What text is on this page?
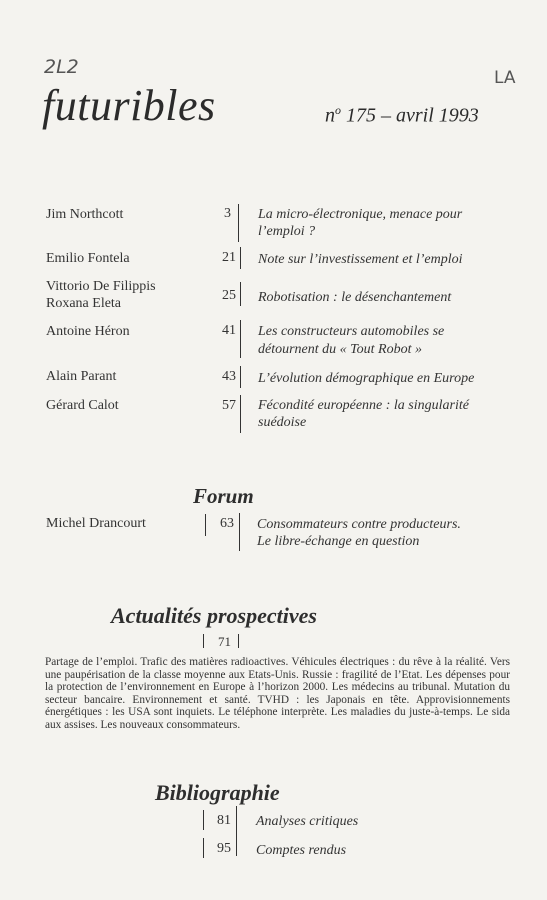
2L2	LA
futuribles	$n^o$ 175 – avril 1993
Jim Northcott	3 La micro-électronique, menace pour
l’emploi ?
Emilio Fontela	21 Note sur l’investissement et l’emploi
Vittorio De Filippis
Roxana Eleta
25 Robotisation : le désenchantement
Antoine Héron	41 Les constructeurs automobiles se
détournent du « Tout Robot »
Alain Parant	43 L’évolution démographique en Europe
Gérard Calot	57 Fécondité européenne : la singularité
suédoise
Forum
Michel Drancourt	63 Consommateurs contre producteurs.
Le libre-échange en question
Actualités prospectives
71
Partage de l’emploi. Trafic des matières radioactives. Véhicules électriques : du rêve à la réalité. Vers une paupérisation de la classe moyenne aux Etats-Unis. Russie : fragilité de l’Etat. Les dépenses pour la protection de l’environnement en Europe à l’horizon 2000. Les médecins au tribunal. Mutation du secteur bancaire. Environnement et santé. TVHD : les Japonais en tête. Approvisionnements énergétiques : les USA sont inquiets. Le téléphone interprète. Les maladies du juste-à-temps. Le sida aux assises. Les nouveaux consommateurs.
Bibliographie
81 Analyses critiques
95 Comptes rendus
